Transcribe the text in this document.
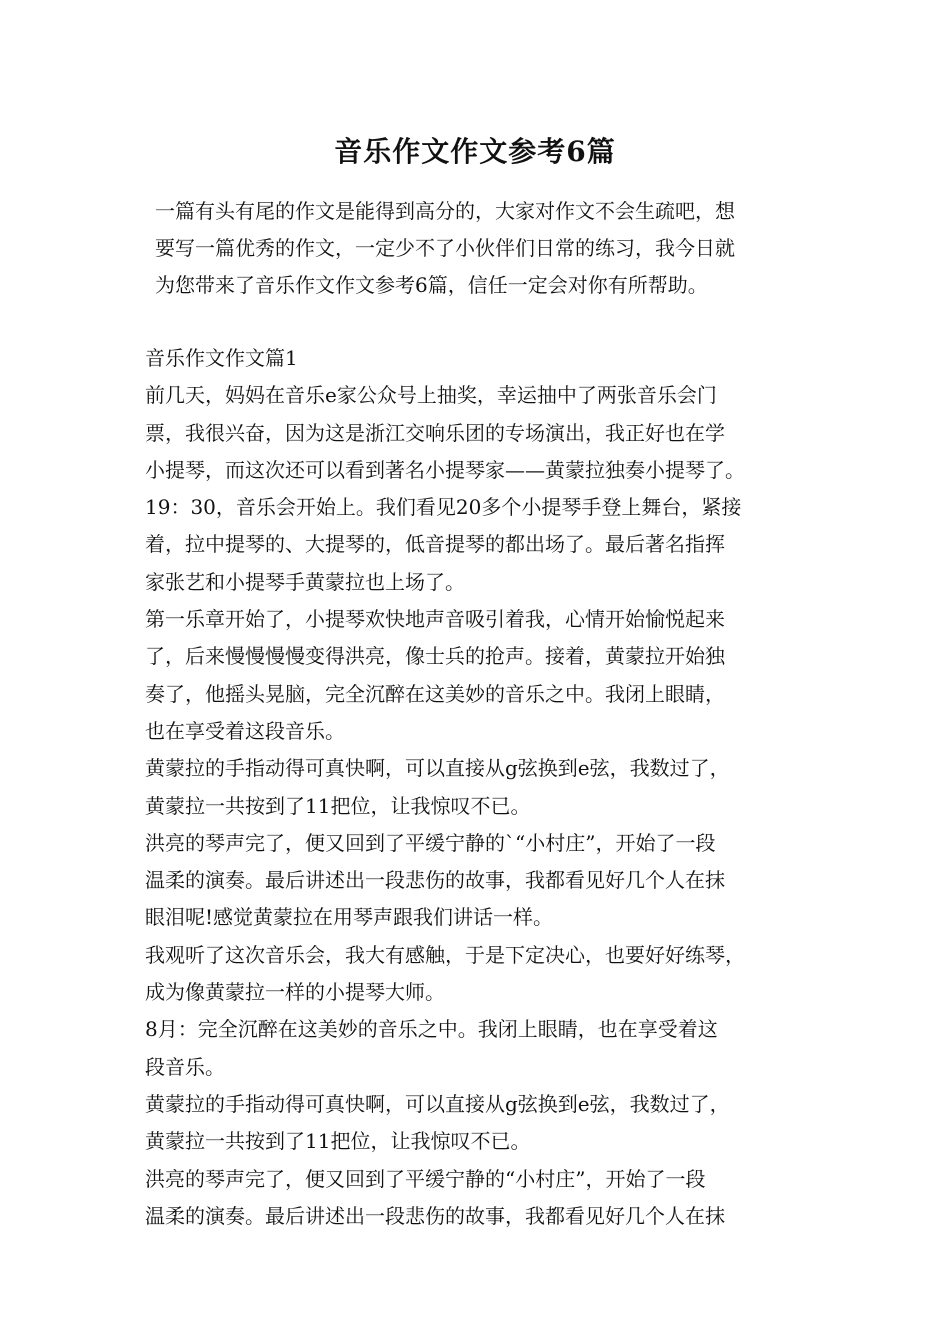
音乐作文作文参考6篇
一篇有头有尾的作文是能得到高分的，大家对作文不会生疏吧，想
要写一篇优秀的作文，一定少不了小伙伴们日常的练习，我今日就
为您带来了音乐作文作文参考6篇，信任一定会对你有所帮助。
音乐作文作文篇1
前几天，妈妈在音乐e家公众号上抽奖，幸运抽中了两张音乐会门
票，我很兴奋，因为这是浙江交响乐团的专场演出，我正好也在学
小提琴，而这次还可以看到著名小提琴家——黄蒙拉独奏小提琴了。
19：30，音乐会开始上。我们看见20多个小提琴手登上舞台，紧接
着，拉中提琴的、大提琴的，低音提琴的都出场了。最后著名指挥
家张艺和小提琴手黄蒙拉也上场了。
第一乐章开始了，小提琴欢快地声音吸引着我，心情开始愉悦起来
了，后来慢慢慢慢变得洪亮，像士兵的抢声。接着，黄蒙拉开始独
奏了，他摇头晃脑，完全沉醉在这美妙的音乐之中。我闭上眼睛，
也在享受着这段音乐。
黄蒙拉的手指动得可真快啊，可以直接从g弦换到e弦，我数过了，
黄蒙拉一共按到了11把位，让我惊叹不已。
洪亮的琴声完了，便又回到了平缓宁静的`“小村庄”，开始了一段
温柔的演奏。最后讲述出一段悲伤的故事，我都看见好几个人在抹
眼泪呢!感觉黄蒙拉在用琴声跟我们讲话一样。
我观听了这次音乐会，我大有感触，于是下定决心，也要好好练琴，
成为像黄蒙拉一样的小提琴大师。
8月：完全沉醉在这美妙的音乐之中。我闭上眼睛，也在享受着这
段音乐。
黄蒙拉的手指动得可真快啊，可以直接从g弦换到e弦，我数过了，
黄蒙拉一共按到了11把位，让我惊叹不已。
洪亮的琴声完了，便又回到了平缓宁静的“小村庄”，开始了一段
温柔的演奏。最后讲述出一段悲伤的故事，我都看见好几个人在抹
